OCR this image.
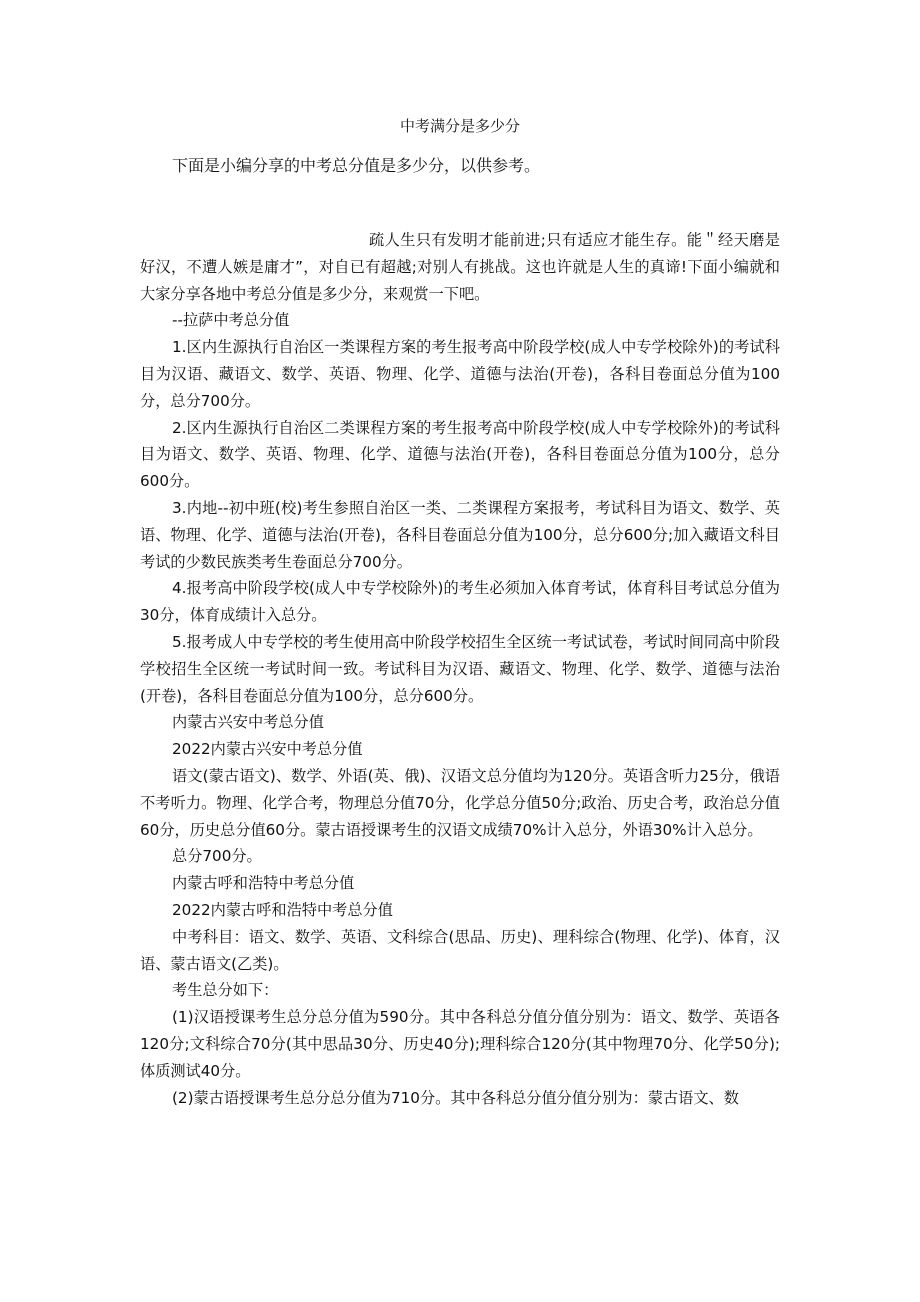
中考满分是多少分

下面是小编分享的中考总分值是多少分，以供参考。

疏人生只有发明才能前进;只有适应才能生存。能＂经天磨是好汉，不遭人嫉是庸才”，对自已有超越;对别人有挑战。这也许就是人生的真谛!下面小编就和大家分享各地中考总分值是多少分，来观赏一下吧。

--拉萨中考总分值

1.区内生源执行自治区一类课程方案的考生报考高中阶段学校(成人中专学校除外)的考试科目为汉语、藏语文、数学、英语、物理、化学、道德与法治(开卷)，各科目卷面总分值为100分，总分700分。

2.区内生源执行自治区二类课程方案的考生报考高中阶段学校(成人中专学校除外)的考试科目为语文、数学、英语、物理、化学、道德与法治(开卷)，各科目卷面总分值为100分，总分600分。

3.内地--初中班(校)考生参照自治区一类、二类课程方案报考，考试科目为语文、数学、英语、物理、化学、道德与法治(开卷)，各科目卷面总分值为100分，总分600分;加入藏语文科目考试的少数民族类考生卷面总分700分。

4.报考高中阶段学校(成人中专学校除外)的考生必须加入体育考试，体育科目考试总分值为30分，体育成绩计入总分。

5.报考成人中专学校的考生使用高中阶段学校招生全区统一考试试卷，考试时间同高中阶段学校招生全区统一考试时间一致。考试科目为汉语、藏语文、物理、化学、数学、道德与法治(开卷)，各科目卷面总分值为100分，总分600分。

内蒙古兴安中考总分值

2022内蒙古兴安中考总分值

语文(蒙古语文)、数学、外语(英、俄)、汉语文总分值均为120分。英语含听力25分，俄语不考听力。物理、化学合考，物理总分值70分，化学总分值50分;政治、历史合考，政治总分值60分，历史总分值60分。蒙古语授课考生的汉语文成绩70%计入总分，外语30%计入总分。

总分700分。

内蒙古呼和浩特中考总分值

2022内蒙古呼和浩特中考总分值

中考科目：语文、数学、英语、文科综合(思品、历史)、理科综合(物理、化学)、体育，汉语、蒙古语文(乙类)。

考生总分如下：

(1)汉语授课考生总分总分值为590分。其中各科总分值分值分别为：语文、数学、英语各120分;文科综合70分(其中思品30分、历史40分);理科综合120分(其中物理70分、化学50分);体质测试40分。

(2)蒙古语授课考生总分总分值为710分。其中各科总分值分值分别为：蒙古语文、数
